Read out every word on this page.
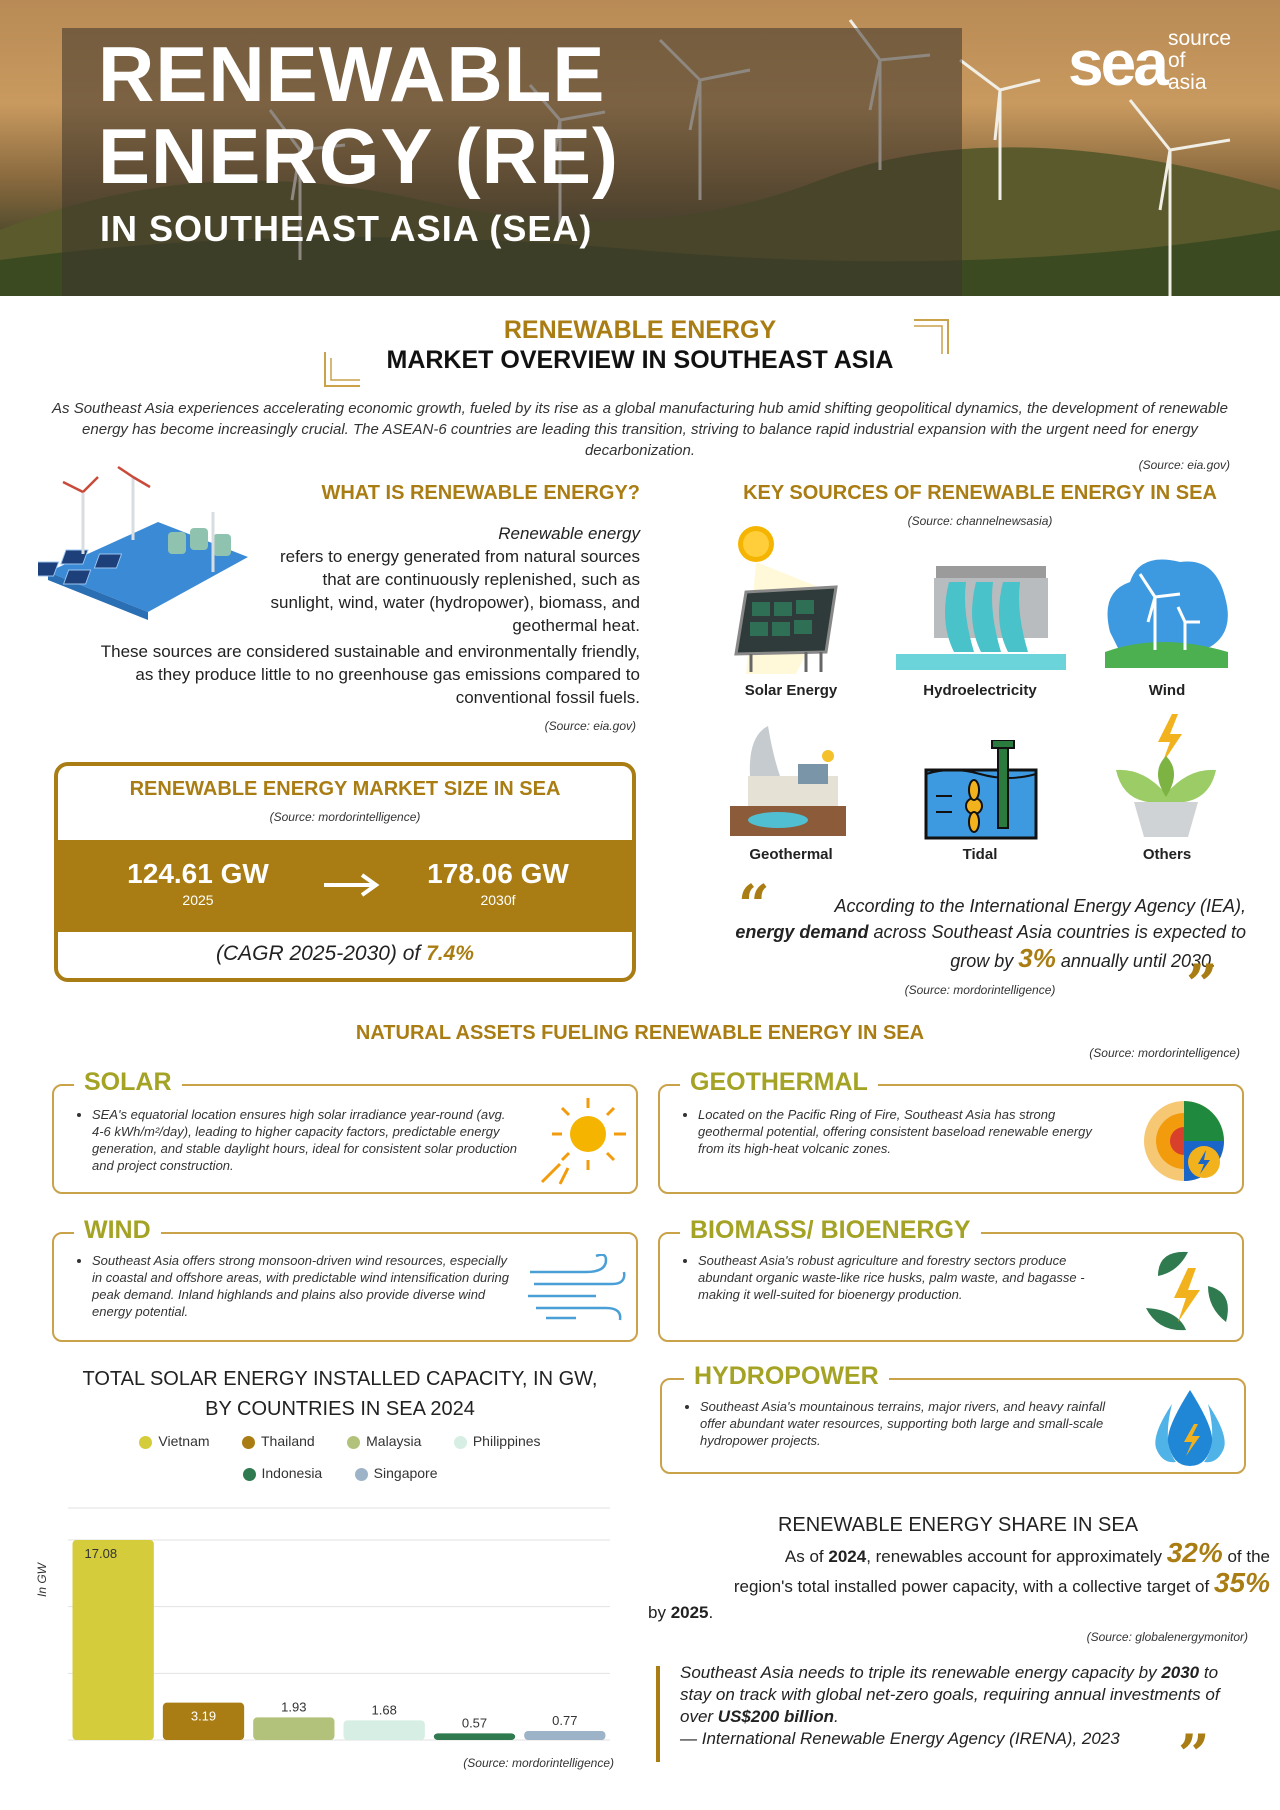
RENEWABLE
ENERGY (RE)
IN SOUTHEAST ASIA (SEA)
sea source
of
asia
RENEWABLE ENERGY
MARKET OVERVIEW IN SOUTHEAST ASIA
As Southeast Asia experiences accelerating economic growth, fueled by its rise as a global manufacturing hub amid shifting geopolitical dynamics, the development of renewable energy has become increasingly crucial. The ASEAN-6 countries are leading this transition, striving to balance rapid industrial expansion with the urgent need for energy decarbonization.
(Source: eia.gov)
WHAT IS RENEWABLE ENERGY?
Renewable energy
refers to energy generated from natural sources that are continuously replenished, such as sunlight, wind, water (hydropower), biomass, and geothermal heat.
These sources are considered sustainable and environmentally friendly, as they produce little to no greenhouse gas emissions compared to conventional fossil fuels.
(Source: eia.gov)
RENEWABLE ENERGY MARKET SIZE IN SEA
(Source: mordorintelligence)
124.61 GW
2025
178.06 GW
2030f
(CAGR 2025-2030) of 7.4%
KEY SOURCES OF RENEWABLE ENERGY IN SEA
(Source: channelnewsasia)
Solar Energy	Hydroelectricity	Wind
Geothermal	Tidal	Others
“	According to the International Energy Agency (IEA),
energy demand across Southeast Asia countries is expected to
grow by 3% annually until 2030.
(Source: mordorintelligence)	”
NATURAL ASSETS FUELING RENEWABLE ENERGY IN SEA
(Source: mordorintelligence)
• SEA's equatorial location ensures high solar irradiance year-round (avg. 4-6 kWh/m²/day), leading to higher capacity factors, predictable energy generation, and stable daylight hours, ideal for consistent solar production and project construction.
SOLAR
• Located on the Pacific Ring of Fire, Southeast Asia has strong geothermal potential, offering consistent baseload renewable energy from its high-heat volcanic zones.
GEOTHERMAL
• Southeast Asia offers strong monsoon-driven wind resources, especially in coastal and offshore areas, with predictable wind intensification during peak demand. Inland highlands and plains also provide diverse wind energy potential.
WIND
• Southeast Asia's robust agriculture and forestry sectors produce abundant organic waste-like rice husks, palm waste, and bagasse - making it well-suited for bioenergy production.
BIOMASS/ BIOENERGY
• Southeast Asia's mountainous terrains, major rivers, and heavy rainfall offer abundant water resources, supporting both large and small-scale hydropower projects.
HYDROPOWER
TOTAL SOLAR ENERGY INSTALLED CAPACITY, IN GW,
BY COUNTRIES IN SEA 2024
Vietnam	Thailand	Malaysia	Philippines
Indonesia	Singapore
17.08
3.19
1.93	1.68
0.57	0.77
In GW
(Source: mordorintelligence)
RENEWABLE ENERGY SHARE IN SEA
As of 2024, renewables account for approximately 32% of the
region's total installed power capacity, with a collective target of 35%
by 2025.
(Source: globalenergymonitor)
Southeast Asia needs to triple its renewable energy capacity by 2030 to stay on track with global net-zero goals, requiring annual investments of over US$200 billion.
— International Renewable Energy Agency (IRENA), 2023	”
